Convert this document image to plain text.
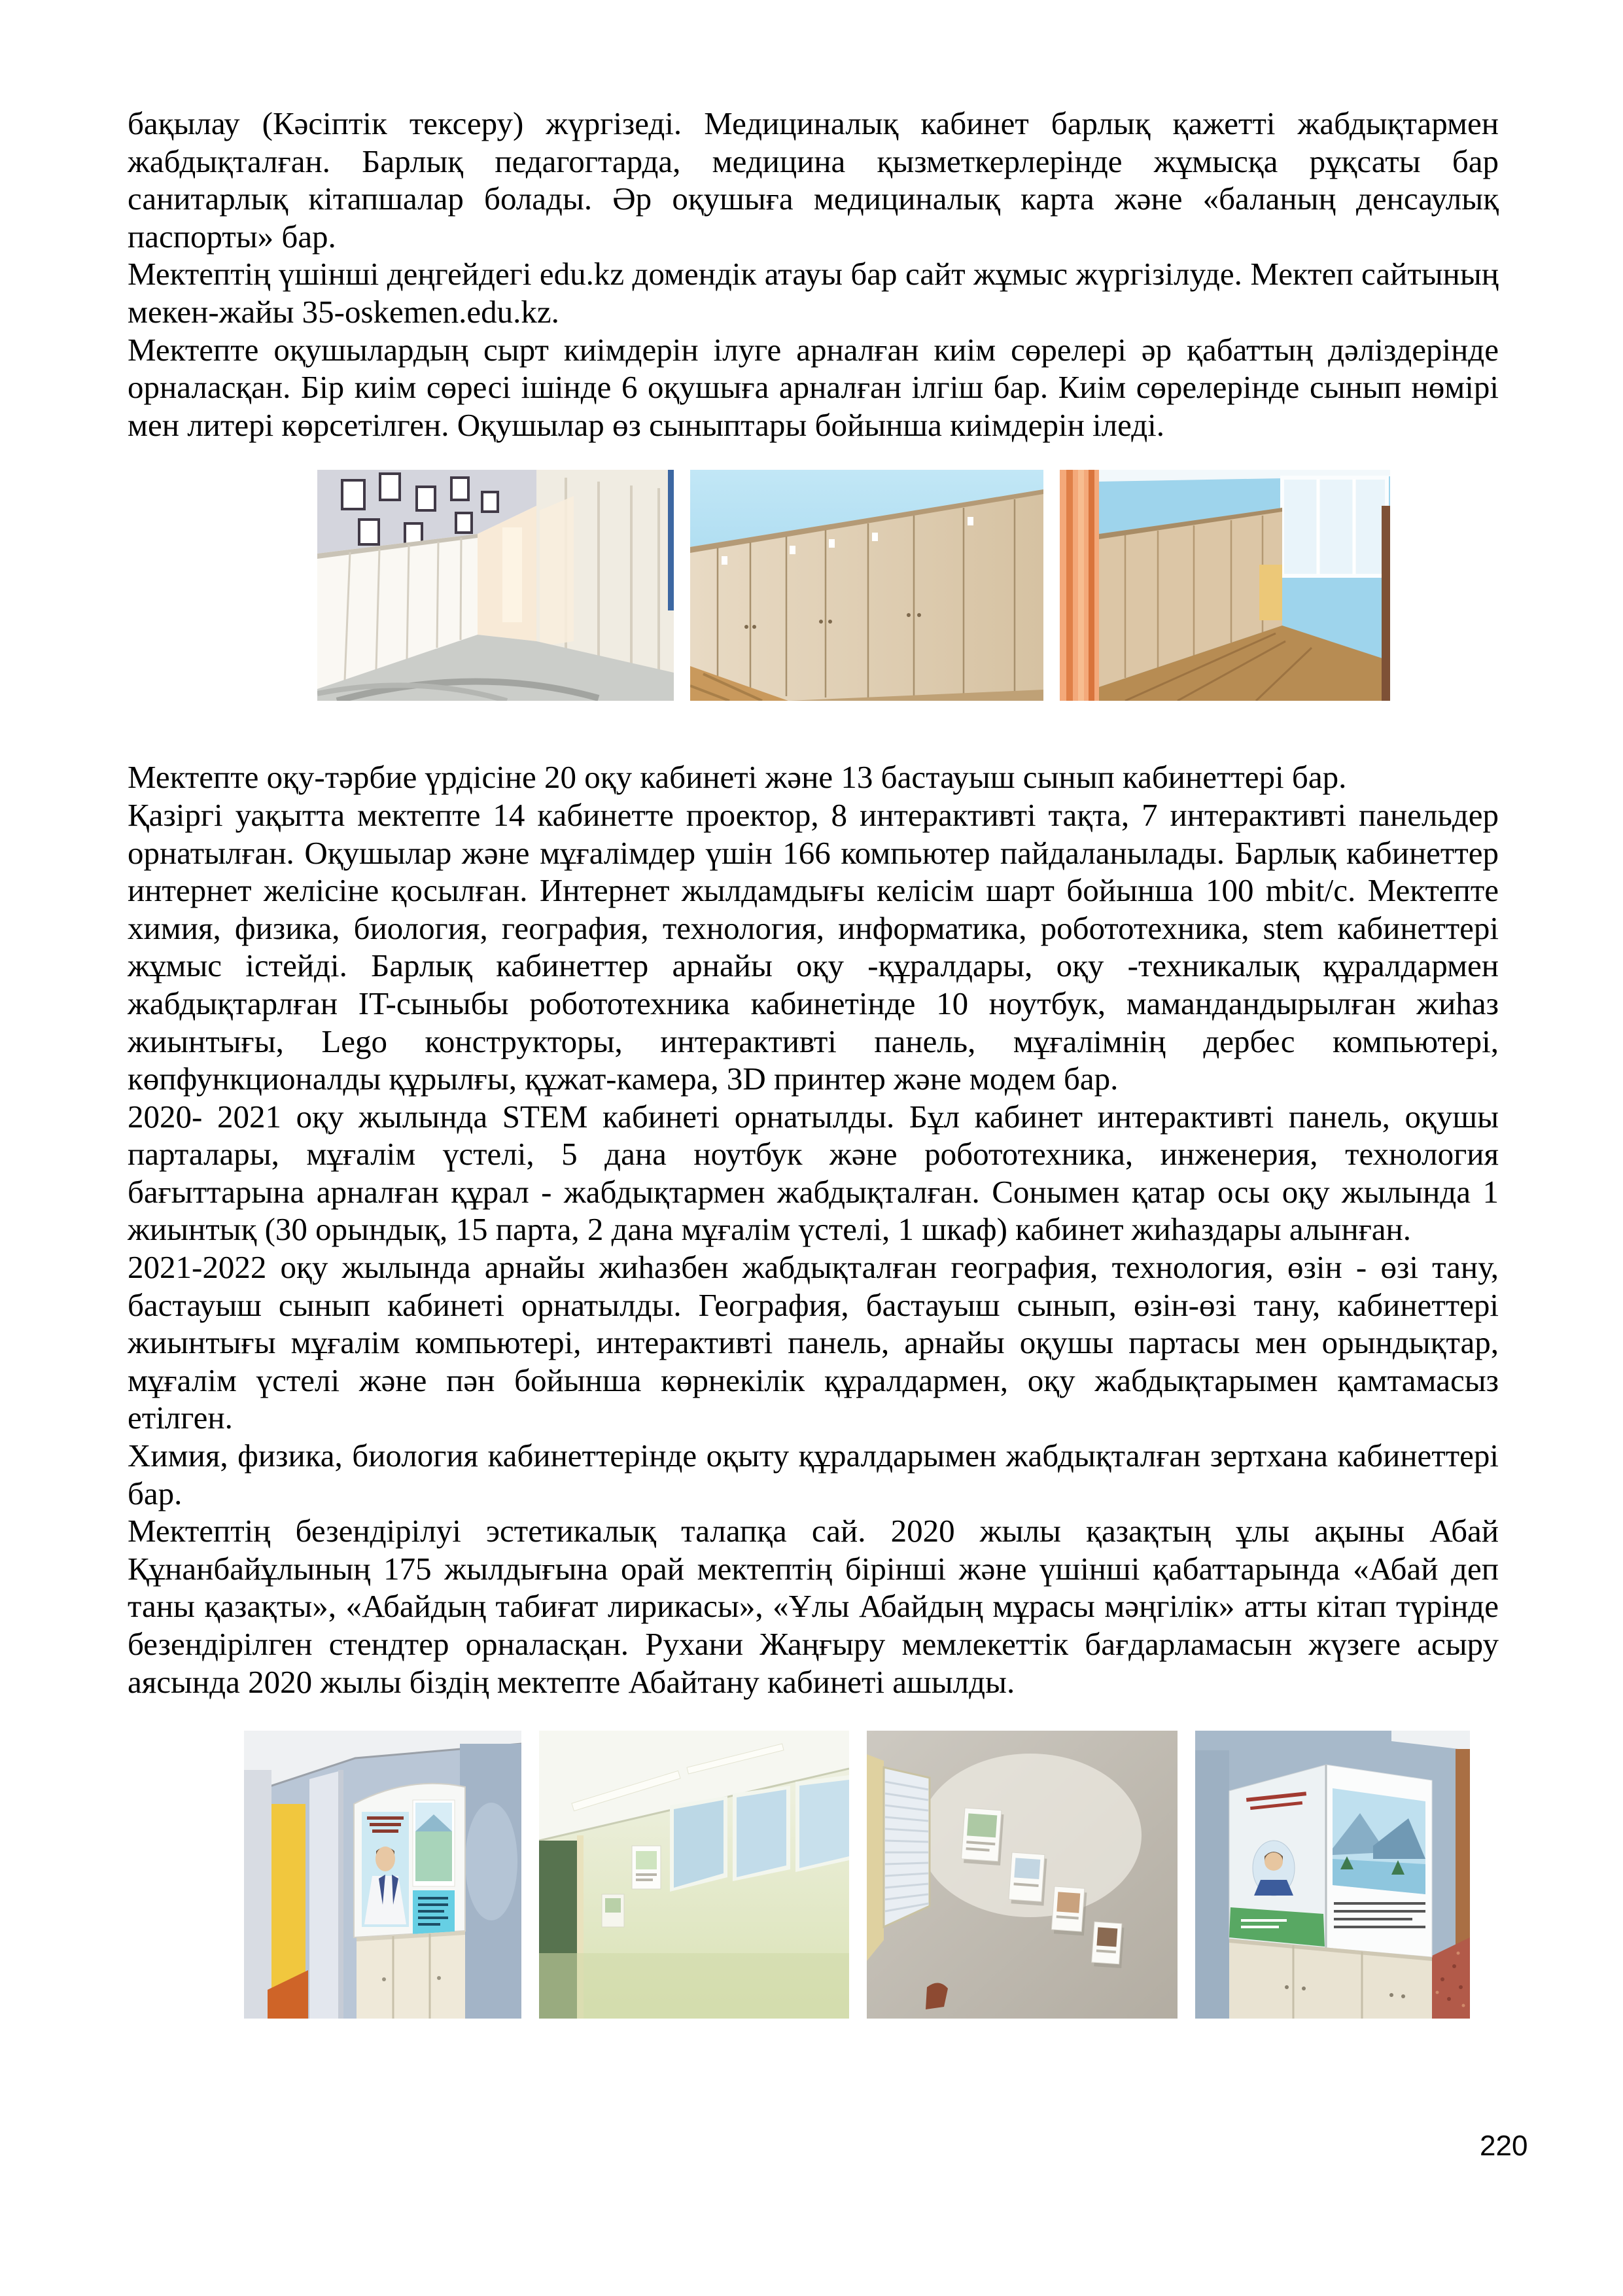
бақылау (Кәсіптік тексеру) жүргізеді. Медициналық кабинет барлық қажетті жабдықтармен жабдықталған. Барлық педагогтарда, медицина қызметкерлерінде жұмысқа рұқсаты бар санитарлық кітапшалар болады. Әр оқушыға медициналық карта және «баланың денсаулық паспорты» бар.

Мектептің үшінші деңгейдегі edu.kz домендік атауы бар сайт жұмыс жүргізілуде. Мектеп сайтының мекен-жайы 35-oskemen.edu.kz.

Мектепте оқушылардың сырт киімдерін ілуге арналған киім сөрелері әр қабаттың дәліздерінде орналасқан. Бір киім сөресі ішінде 6 оқушыға арналған ілгіш бар. Киім сөрелерінде сынып нөмірі мен литері көрсетілген. Оқушылар өз сыныптары бойынша киімдерін іледі.

Мектепте оқу-тәрбие үрдісіне 20 оқу кабинеті және 13 бастауыш сынып кабинеттері бар.

Қазіргі уақытта мектепте 14 кабинетте проектор, 8 интерактивті тақта, 7 интерактивті панельдер орнатылған. Оқушылар және мұғалімдер үшін 166 компьютер пайдаланылады. Барлық кабинеттер интернет желісіне қосылған. Интернет жылдамдығы келісім шарт бойынша 100 mbit/с. Мектепте химия, физика, биология, география, технология, информатика, робототехника, stem кабинеттері жұмыс істейді. Барлық кабинеттер арнайы оқу -құралдары, оқу -техникалық құралдармен жабдықтарлған IT-сыныбы робототехника кабинетінде 10 ноутбук, мамандандырылған жиһаз жиынтығы, Lego конструкторы, интерактивті панель, мұғалімнің дербес компьютері, көпфункционалды құрылғы, құжат-камера, 3D принтер және модем бар.

2020- 2021 оқу жылында STEM кабинеті орнатылды. Бұл кабинет интерактивті панель, оқушы парталары, мұғалім үстелі, 5 дана ноутбук және робототехника, инженерия, технология бағыттарына арналған құрал - жабдықтармен жабдықталған. Сонымен қатар осы оқу жылында 1 жиынтық (30 орындық, 15 парта, 2 дана мұғалім үстелі, 1 шкаф) кабинет жиһаздары алынған.

2021-2022 оқу жылында арнайы жиһазбен жабдықталған география, технология, өзін - өзі тану, бастауыш сынып кабинеті орнатылды. География, бастауыш сынып, өзін-өзі тану, кабинеттері жиынтығы мұғалім компьютері, интерактивті панель, арнайы оқушы партасы мен орындықтар, мұғалім үстелі және пән бойынша көрнекілік құралдармен, оқу жабдықтарымен қамтамасыз етілген.

Химия, физика, биология кабинеттерінде оқыту құралдарымен жабдықталған зертхана кабинеттері бар.

Мектептің безендірілуі эстетикалық талапқа сай. 2020 жылы қазақтың ұлы ақыны Абай Құнанбайұлының 175 жылдығына орай мектептің бірінші және үшінші қабаттарында «Абай деп таны қазақты», «Абайдың табиғат лирикасы», «Ұлы Абайдың мұрасы мәңгілік» атты кітап түрінде безендірілген стендтер орналасқан. Рухани Жаңғыру мемлекеттік бағдарламасын жүзеге асыру аясында 2020 жылы біздің мектепте Абайтану кабинеті ашылды.

220
